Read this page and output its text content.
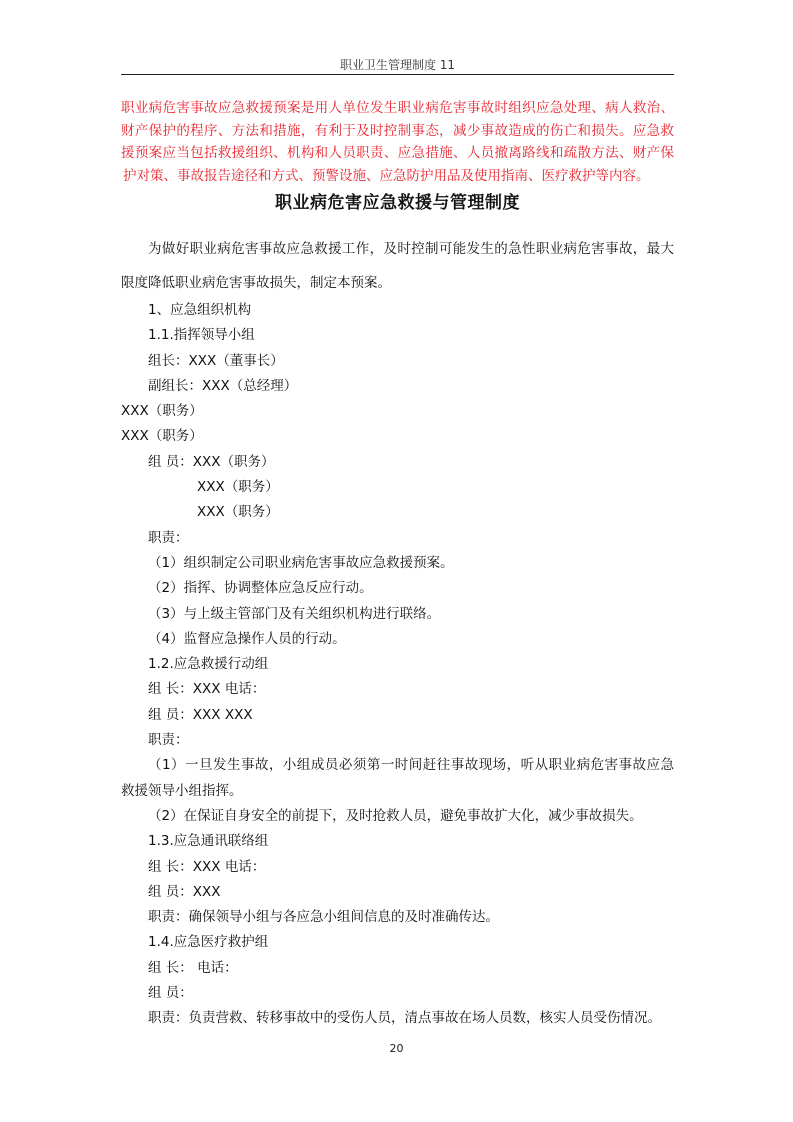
职业卫生管理制度 11
职业病危害事故应急救援预案是用人单位发生职业病危害事故时组织应急处理、病人救治、
财产保护的程序、方法和措施，有利于及时控制事态，减少事故造成的伤亡和损失。应急救
援预案应当包括救援组织、机构和人员职责、应急措施、人员撤离路线和疏散方法、财产保
护对策、事故报告途径和方式、预警设施、应急防护用品及使用指南、医疗救护等内容。
职业病危害应急救援与管理制度
为做好职业病危害事故应急救援工作，及时控制可能发生的急性职业病危害事故，最大
限度降低职业病危害事故损失，制定本预案。
1、应急组织机构
1.1.指挥领导小组
组长：XXX（董事长）
副组长：XXX（总经理）
XXX（职务）
XXX（职务）
组 员：XXX（职务）
XXX（职务）
XXX（职务）
职责：
（1）组织制定公司职业病危害事故应急救援预案。
（2）指挥、协调整体应急反应行动。
（3）与上级主管部门及有关组织机构进行联络。
（4）监督应急操作人员的行动。
1.2.应急救援行动组
组 长：XXX 电话：
组 员：XXX XXX
职责：
（1）一旦发生事故，小组成员必须第一时间赶往事故现场，听从职业病危害事故应急
救援领导小组指挥。
（2）在保证自身安全的前提下，及时抢救人员，避免事故扩大化，减少事故损失。
1.3.应急通讯联络组
组 长：XXX 电话：
组 员：XXX
职责：确保领导小组与各应急小组间信息的及时准确传达。
1.4.应急医疗救护组
组 长： 电话：
组 员：
职责：负责营救、转移事故中的受伤人员，清点事故在场人员数，核实人员受伤情况。
20
